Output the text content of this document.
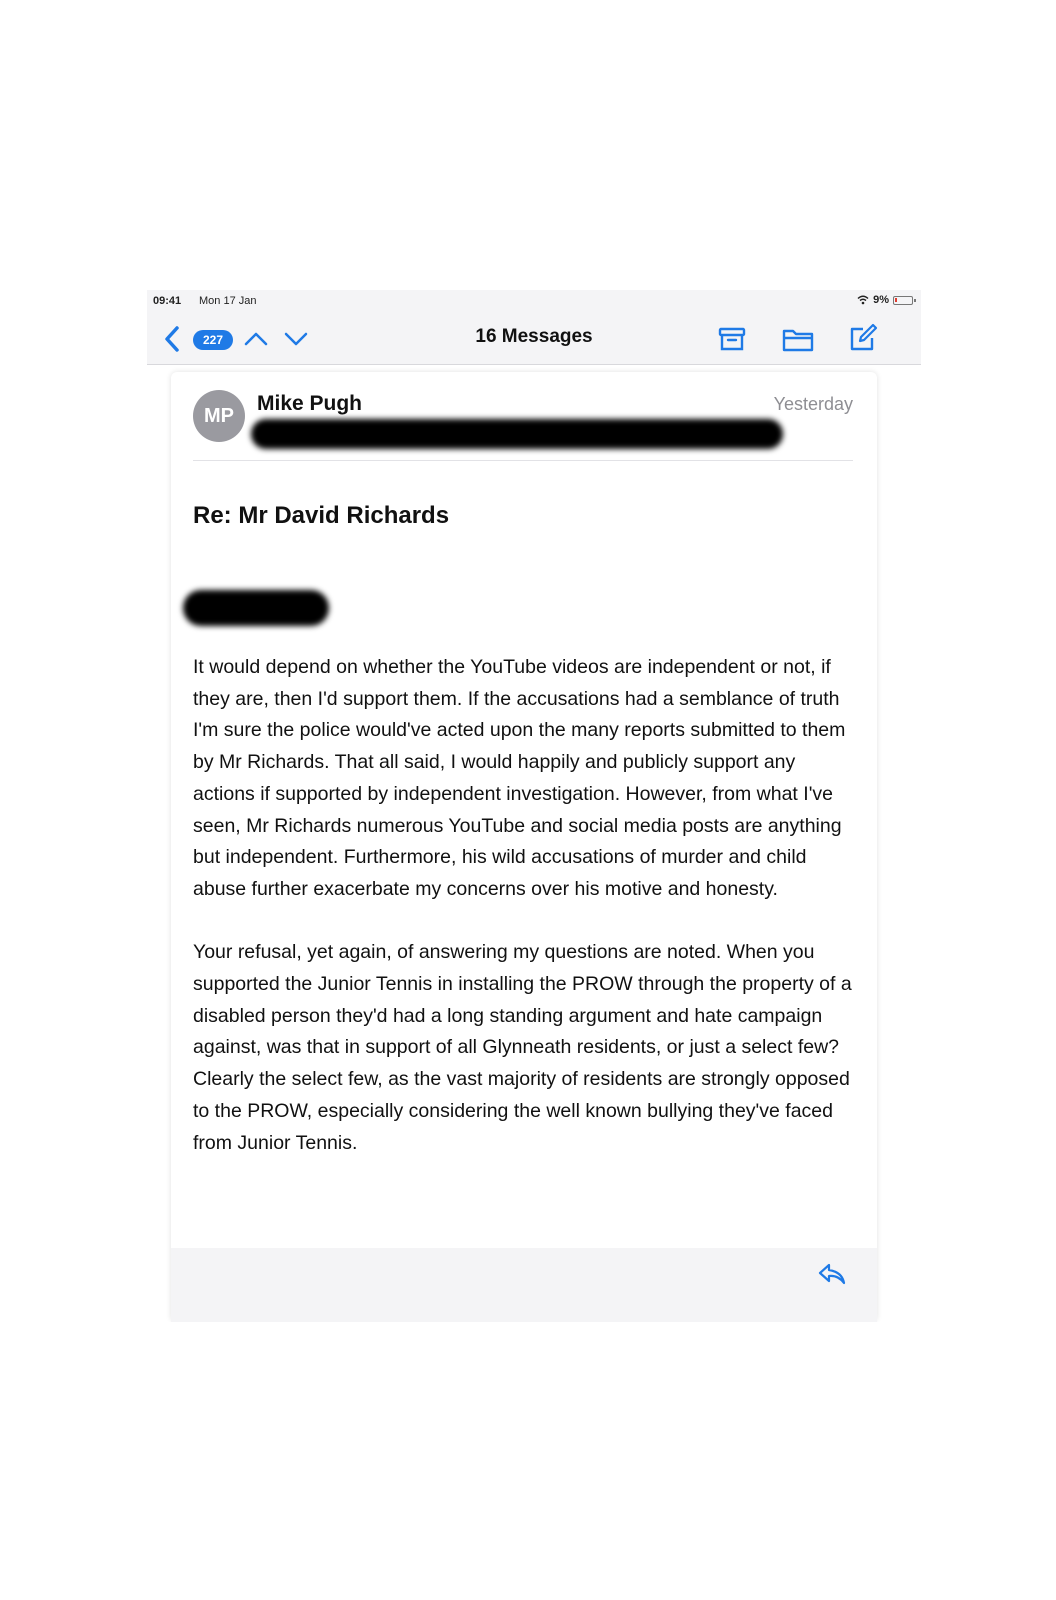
09:41 Mon 17 Jan	9%
227	16 Messages
MP
Mike Pugh	Yesterday
Re: Mr David Richards

It would depend on whether the YouTube videos are independent or not, if they are, then I'd support them. If the accusations had a semblance of truth I'm sure the police would've acted upon the many reports submitted to them by Mr Richards. That all said, I would happily and publicly support any actions if supported by independent investigation. However, from what I've seen, Mr Richards numerous YouTube and social media posts are anything but independent. Furthermore, his wild accusations of murder and child abuse further exacerbate my concerns over his motive and honesty.

Your refusal, yet again, of answering my questions are noted. When you supported the Junior Tennis in installing the PROW through the property of a disabled person they'd had a long standing argument and hate campaign against, was that in support of all Glynneath residents, or just a select few? Clearly the select few, as the vast majority of residents are strongly opposed to the PROW, especially considering the well known bullying they've faced from Junior Tennis.
